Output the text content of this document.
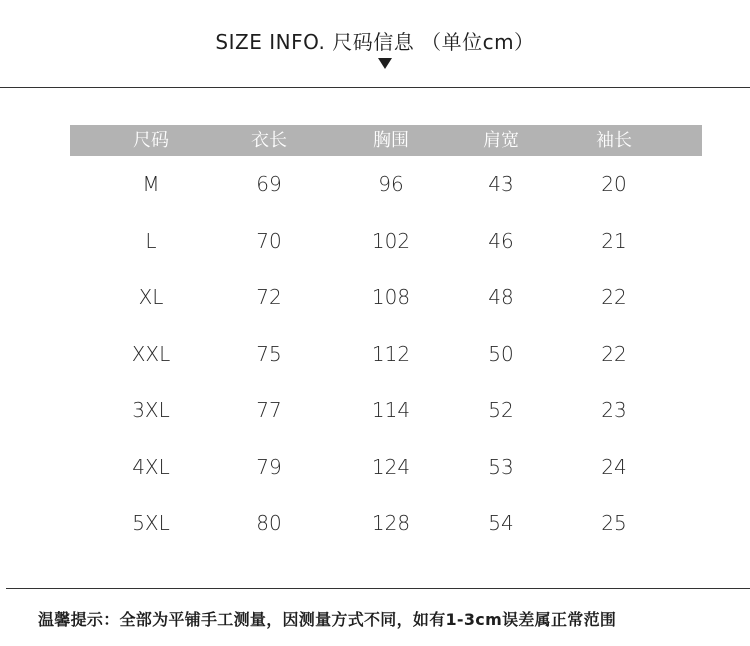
SIZE INFO. 尺码信息 （单位cm）
尺码	衣长	胸围	肩宽	袖长
M	69	96	43	20
L	70	102	46	21
XL	72	108	48	22
XXL	75	112	50	22
3XL	77	114	52	23
4XL	79	124	53	24
5XL	80	128	54	25
温馨提示：全部为平铺手工测量，因测量方式不同，如有1-3cm误差属正常范围
